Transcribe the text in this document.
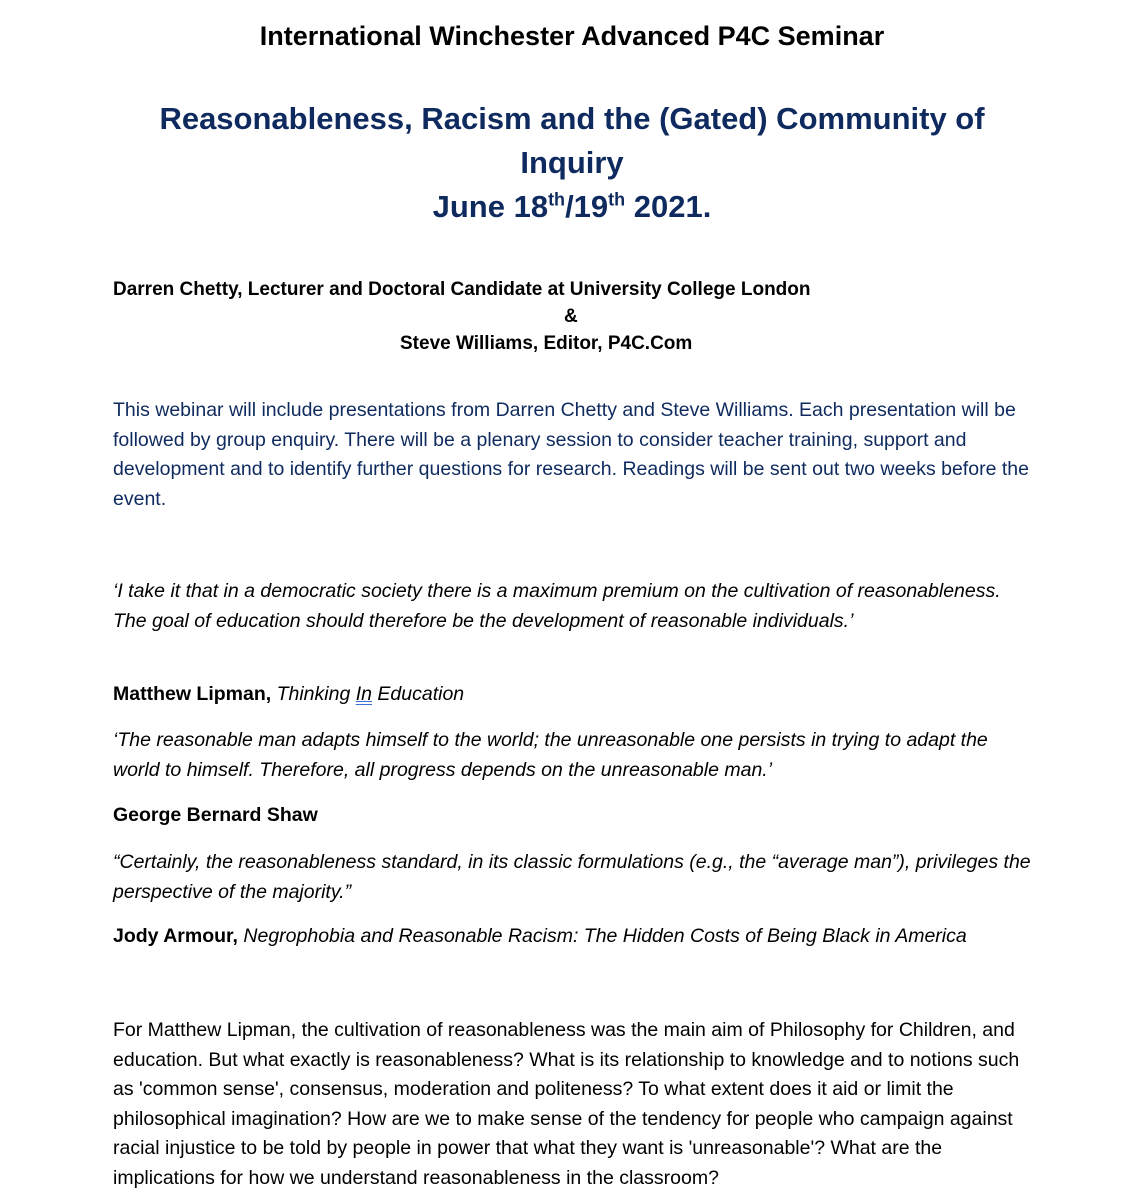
International Winchester Advanced P4C Seminar
Reasonableness, Racism and the (Gated) Community of Inquiry
June 18th/19th 2021.
Darren Chetty, Lecturer and Doctoral Candidate at University College London
&
Steve Williams, Editor, P4C.Com

This webinar will include presentations from Darren Chetty and Steve Williams. Each presentation will be followed by group enquiry. There will be a plenary session to consider teacher training, support and development and to identify further questions for research. Readings will be sent out two weeks before the event.

‘I take it that in a democratic society there is a maximum premium on the cultivation of reasonableness. The goal of education should therefore be the development of reasonable individuals.’

Matthew Lipman, Thinking In Education

‘The reasonable man adapts himself to the world; the unreasonable one persists in trying to adapt the world to himself. Therefore, all progress depends on the unreasonable man.’

George Bernard Shaw

“Certainly, the reasonableness standard, in its classic formulations (e.g., the “average man”), privileges the perspective of the majority.”

Jody Armour, Negrophobia and Reasonable Racism: The Hidden Costs of Being Black in America

For Matthew Lipman, the cultivation of reasonableness was the main aim of Philosophy for Children, and education. But what exactly is reasonableness? What is its relationship to knowledge and to notions such as 'common sense', consensus, moderation and politeness? To what extent does it aid or limit the philosophical imagination? How are we to make sense of the tendency for people who campaign against racial injustice to be told by people in power that what they want is 'unreasonable'? What are the implications for how we understand reasonableness in the classroom?
